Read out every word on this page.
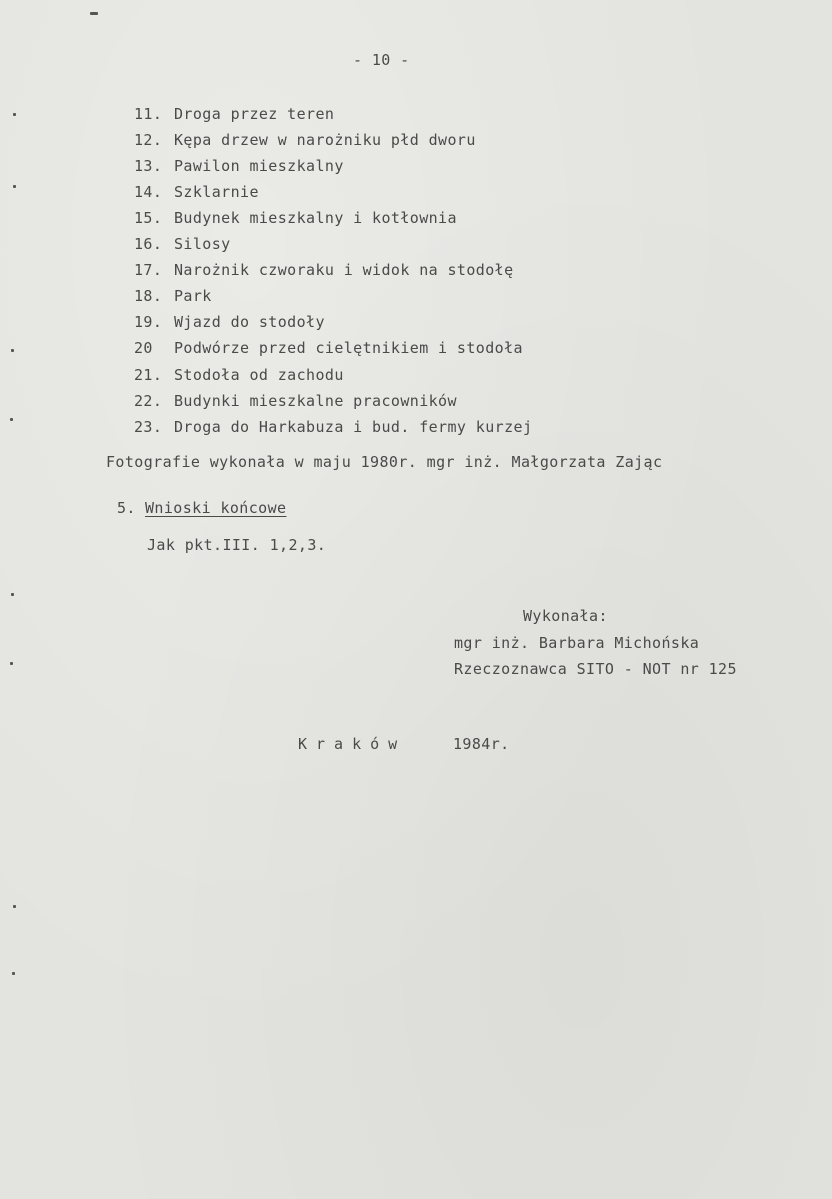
- 10 -
11. Droga przez teren
12. Kępa drzew w narożniku płd dworu
13. Pawilon mieszkalny
14. Szklarnie
15. Budynek mieszkalny i kotłownia
16. Silosy
17. Narożnik czworaku i widok na stodołę
18. Park
19. Wjazd do stodoły
20 Podwórze przed cielętnikiem i stodoła
21. Stodoła od zachodu
22. Budynki mieszkalne pracowników
23. Droga do Harkabuza i bud. fermy kurzej
Fotografie wykonała w maju 1980r. mgr inż. Małgorzata Zając
5. Wnioski końcowe
Jak pkt.III. 1,2,3.
Wykonała:
mgr inż. Barbara Michońska
Rzeczoznawca SITO - NOT nr 125
Kraków	1984r.
